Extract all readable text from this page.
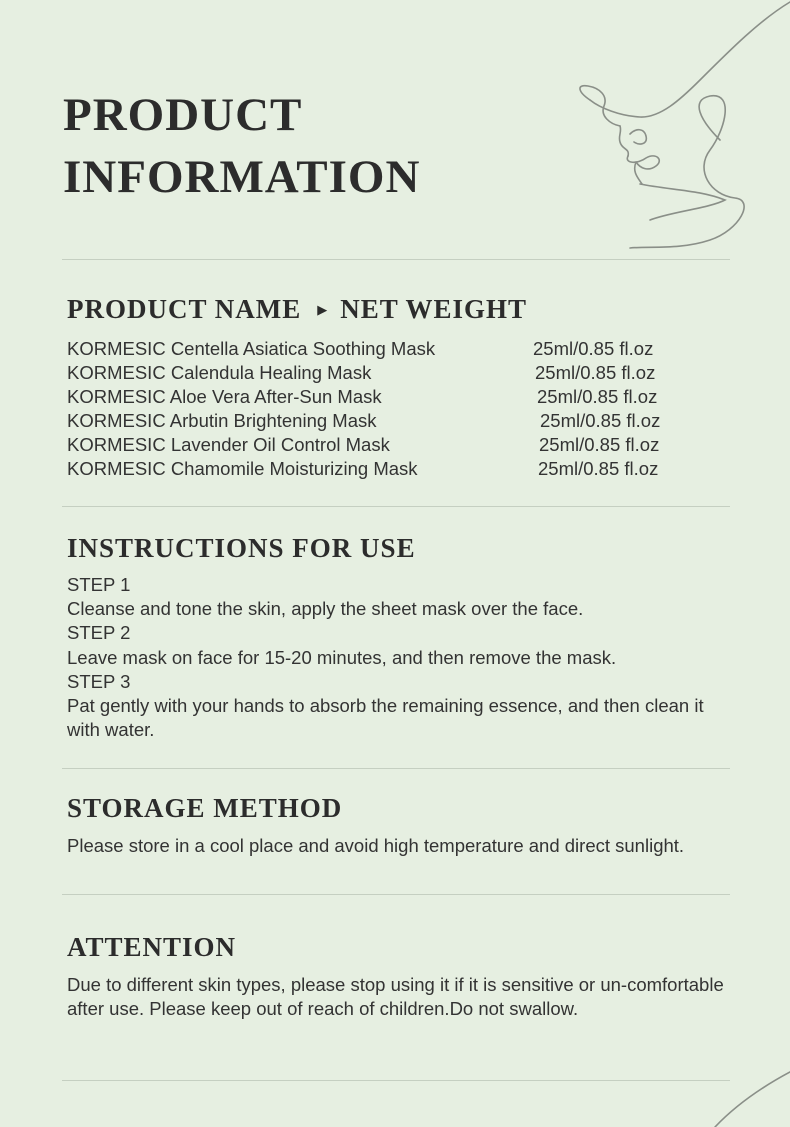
PRODUCT
INFORMATION
PRODUCT NAME ▶ NET WEIGHT
KORMESIC Centella Asiatica Soothing Mask	25ml/0.85 fl.oz
KORMESIC Calendula Healing Mask	25ml/0.85 fl.oz
KORMESIC Aloe Vera After-Sun Mask	25ml/0.85 fl.oz
KORMESIC Arbutin Brightening Mask	25ml/0.85 fl.oz
KORMESIC Lavender Oil Control Mask	25ml/0.85 fl.oz
KORMESIC Chamomile Moisturizing Mask	25ml/0.85 fl.oz
INSTRUCTIONS FOR USE

STEP 1

Cleanse and tone the skin, apply the sheet mask over the face.

STEP 2

Leave mask on face for 15-20 minutes, and then remove the mask.

STEP 3

Pat gently with your hands to absorb the remaining essence, and then clean it with water.

STORAGE METHOD

Please store in a cool place and avoid high temperature and direct sunlight.

ATTENTION

Due to different skin types, please stop using it if it is sensitive or un-comfortable after use. Please keep out of reach of children.Do not swallow.
